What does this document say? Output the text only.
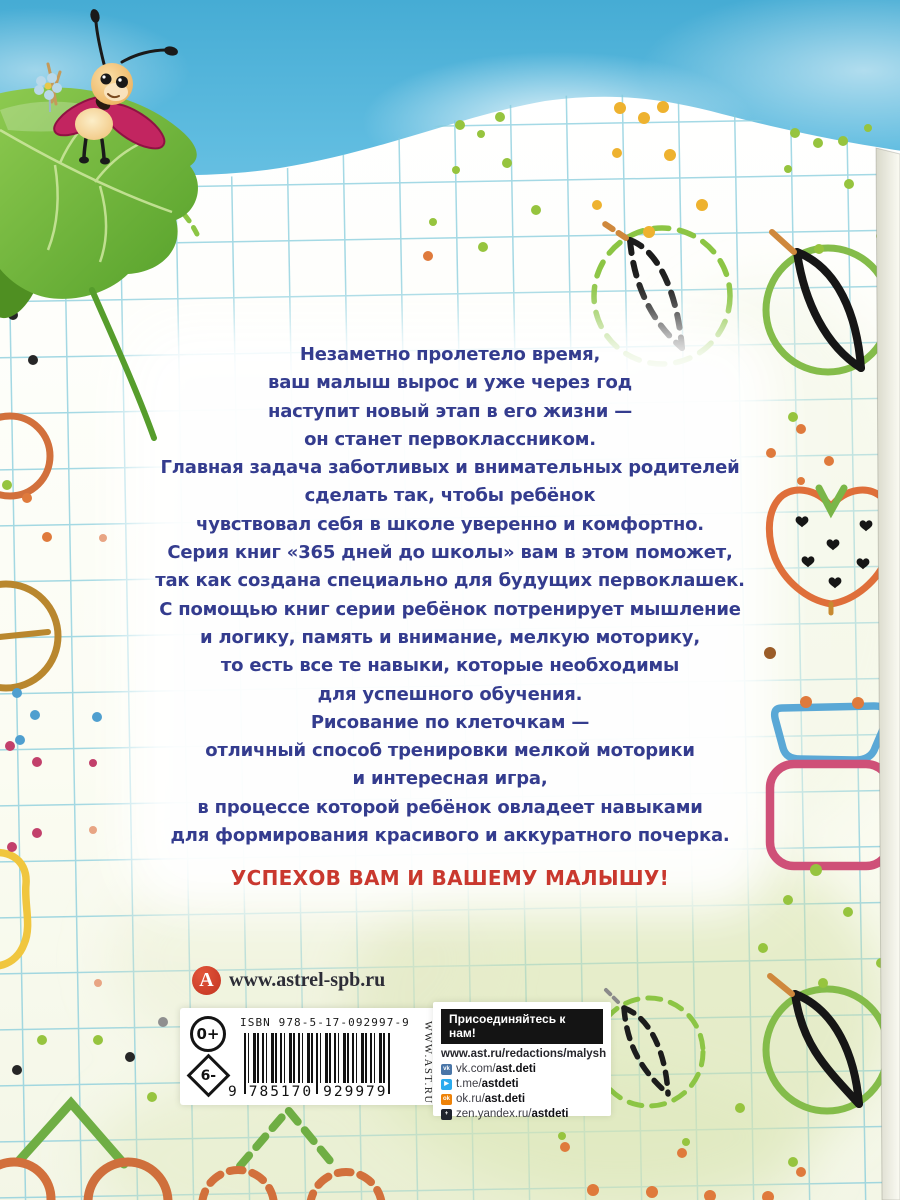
Незаметно пролетело время,
ваш малыш вырос и уже через год
наступит новый этап в его жизни —
он станет первоклассником.
Главная задача заботливых и внимательных родителей
сделать так, чтобы ребёнок
чувствовал себя в школе уверенно и комфортно.
Серия книг «365 дней до школы» вам в этом поможет,
так как создана специально для будущих первоклашек.
С помощью книг серии ребёнок потренирует мышление
и логику, память и внимание, мелкую моторику,
то есть все те навыки, которые необходимы
для успешного обучения.
Рисование по клеточкам —
отличный способ тренировки мелкой моторики
и интересная игра,
в процессе которой ребёнок овладеет навыками
для формирования красивого и аккуратного почерка.
УСПЕХОВ ВАМ И ВАШЕМУ МАЛЫШУ!
A www.astrel-spb.ru
0+
6-
ISBN 978-5-17-092997-9
9 785170 929979	WWW.AST.RU
Присоединяйтесь к нам!
www.ast.ru/redactions/malysh
vk vk.com/ast.deti
▶ t.me/astdeti
ok ok.ru/ast.deti
+ zen.yandex.ru/astdeti
